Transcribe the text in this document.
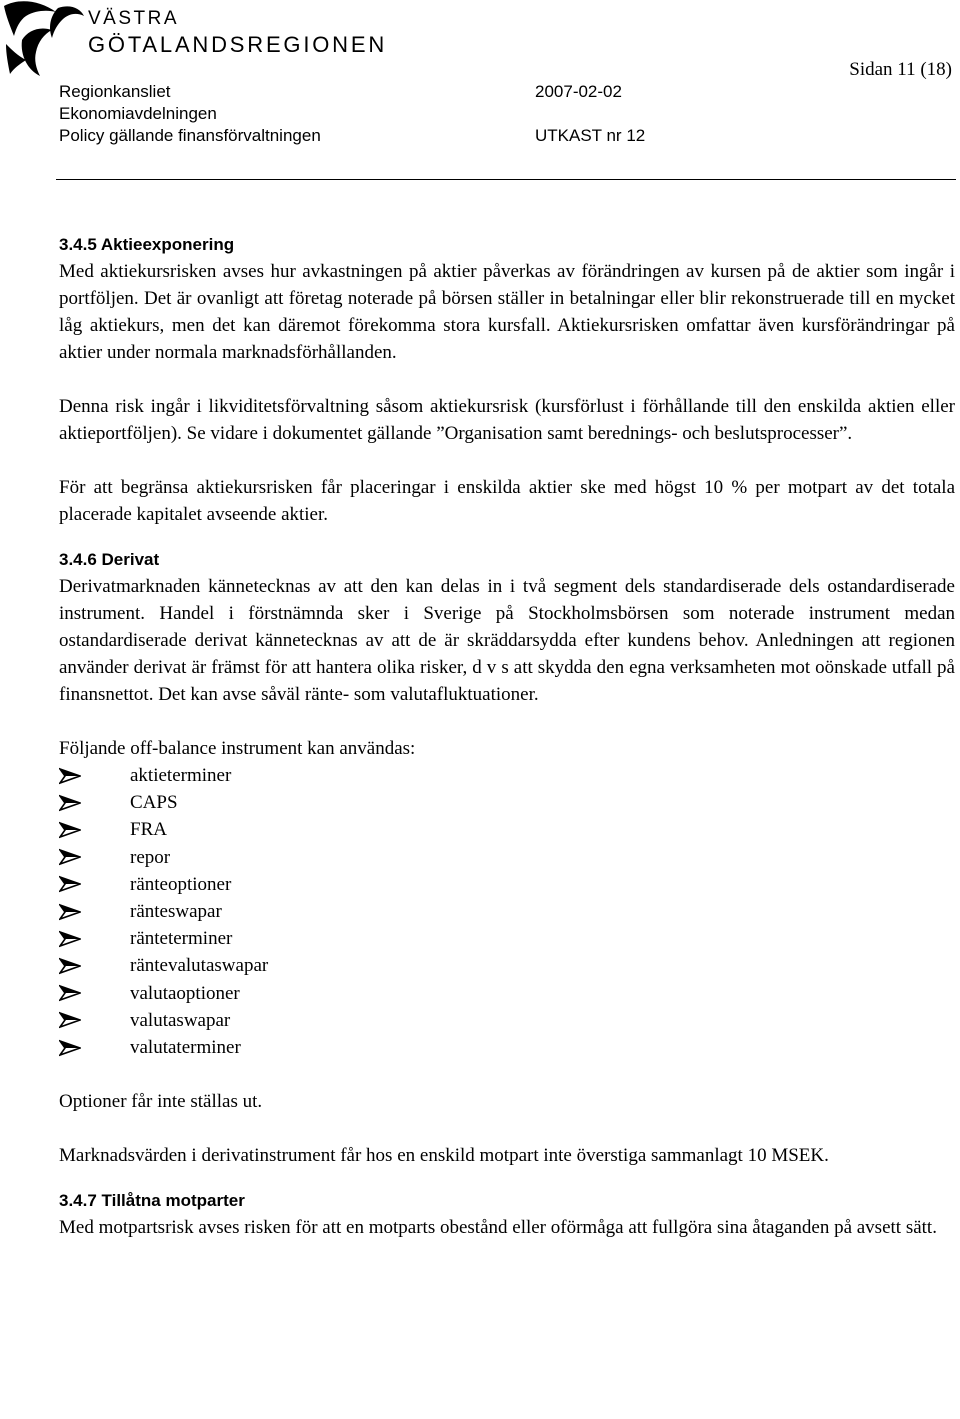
VÄSTRA
GÖTALANDSREGIONEN
Sidan 11 (18)
Regionkansliet
Ekonomiavdelningen
Policy gällande finansförvaltningen
2007-02-02
UTKAST nr 12
3.4.5 Aktieexponering

Med aktiekursrisken avses hur avkastningen på aktier påverkas av förändringen av kursen på de aktier som ingår i portföljen. Det är ovanligt att företag noterade på börsen ställer in betalningar eller blir rekonstruerade till en mycket låg aktiekurs, men det kan däremot förekomma stora kursfall. Aktiekursrisken omfattar även kursförändringar på aktier under normala marknadsförhållanden.

Denna risk ingår i likviditetsförvaltning såsom aktiekursrisk (kursförlust i förhållande till den enskilda aktien eller aktieportföljen). Se vidare i dokumentet gällande ”Organisation samt berednings- och beslutsprocesser”.

För att begränsa aktiekursrisken får placeringar i enskilda aktier ske med högst 10 % per motpart av det totala placerade kapitalet avseende aktier.

3.4.6 Derivat

Derivatmarknaden kännetecknas av att den kan delas in i två segment dels standardiserade dels ostandardiserade instrument. Handel i förstnämnda sker i Sverige på Stockholmsbörsen som noterade instrument medan ostandardiserade derivat kännetecknas av att de är skräddarsydda efter kundens behov. Anledningen att regionen använder derivat är främst för att hantera olika risker, d v s att skydda den egna verksamheten mot oönskade utfall på finansnettot. Det kan avse såväl ränte- som valutafluktuationer.

Följande off-balance instrument kan användas:

aktieterminer
CAPS
FRA
repor
ränteoptioner
ränteswapar
ränteterminer
räntevalutaswapar
valutaoptioner
valutaswapar
valutaterminer

Optioner får inte ställas ut.

Marknadsvärden i derivatinstrument får hos en enskild motpart inte överstiga sammanlagt 10 MSEK.

3.4.7 Tillåtna motparter

Med motpartsrisk avses risken för att en motparts obestånd eller oförmåga att fullgöra sina åtaganden på avsett sätt.
